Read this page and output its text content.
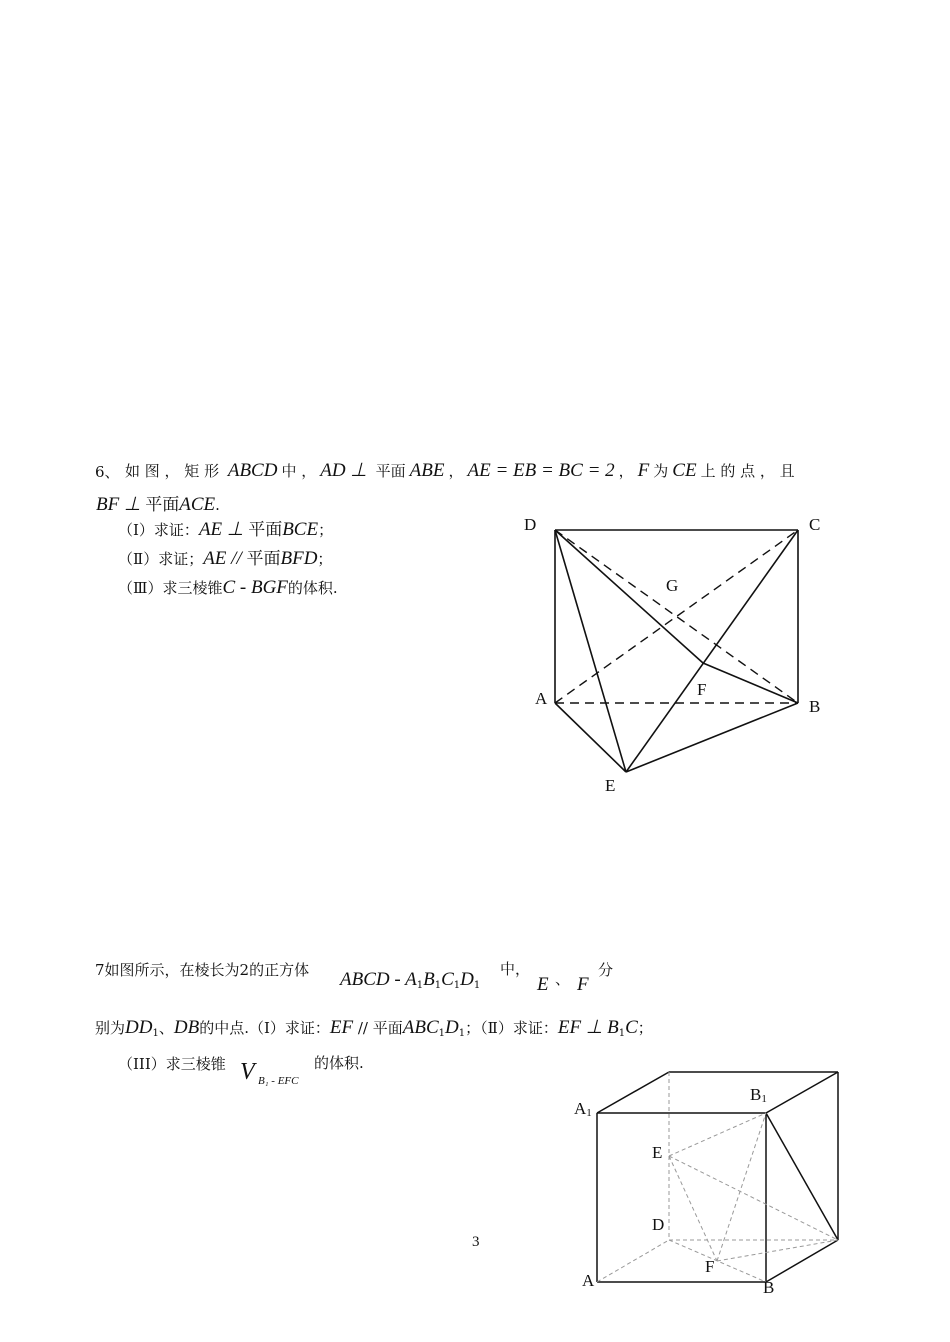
6、 如 图 ， 矩 形 ABCD 中 ， AD ⊥ 平面 ABE ， AE = EB = BC = 2 ， F 为 CE 上 的 点 ， 且
BF ⊥ 平面ACE.
（Ⅰ）求证：AE ⊥ 平面BCE；
（Ⅱ）求证；AE // 平面BFD；
（Ⅲ）求三棱锥C - BGF的体积.
D	C
G
F
A	B
E
7如图所示，在棱长为2的正方体 ABCD - $A_1B_1C_1D_1$
中，
E 、 F
分
别为$DD_1$、DB的中点.（Ⅰ）求证：EF // 平面$ABC_1D_1$；（Ⅱ）求证：EF ⊥ $B_1C$；
（III）求三棱锥 V B₁ - EFC
的体积.
A1
B1
E
D
F
A	B
3
